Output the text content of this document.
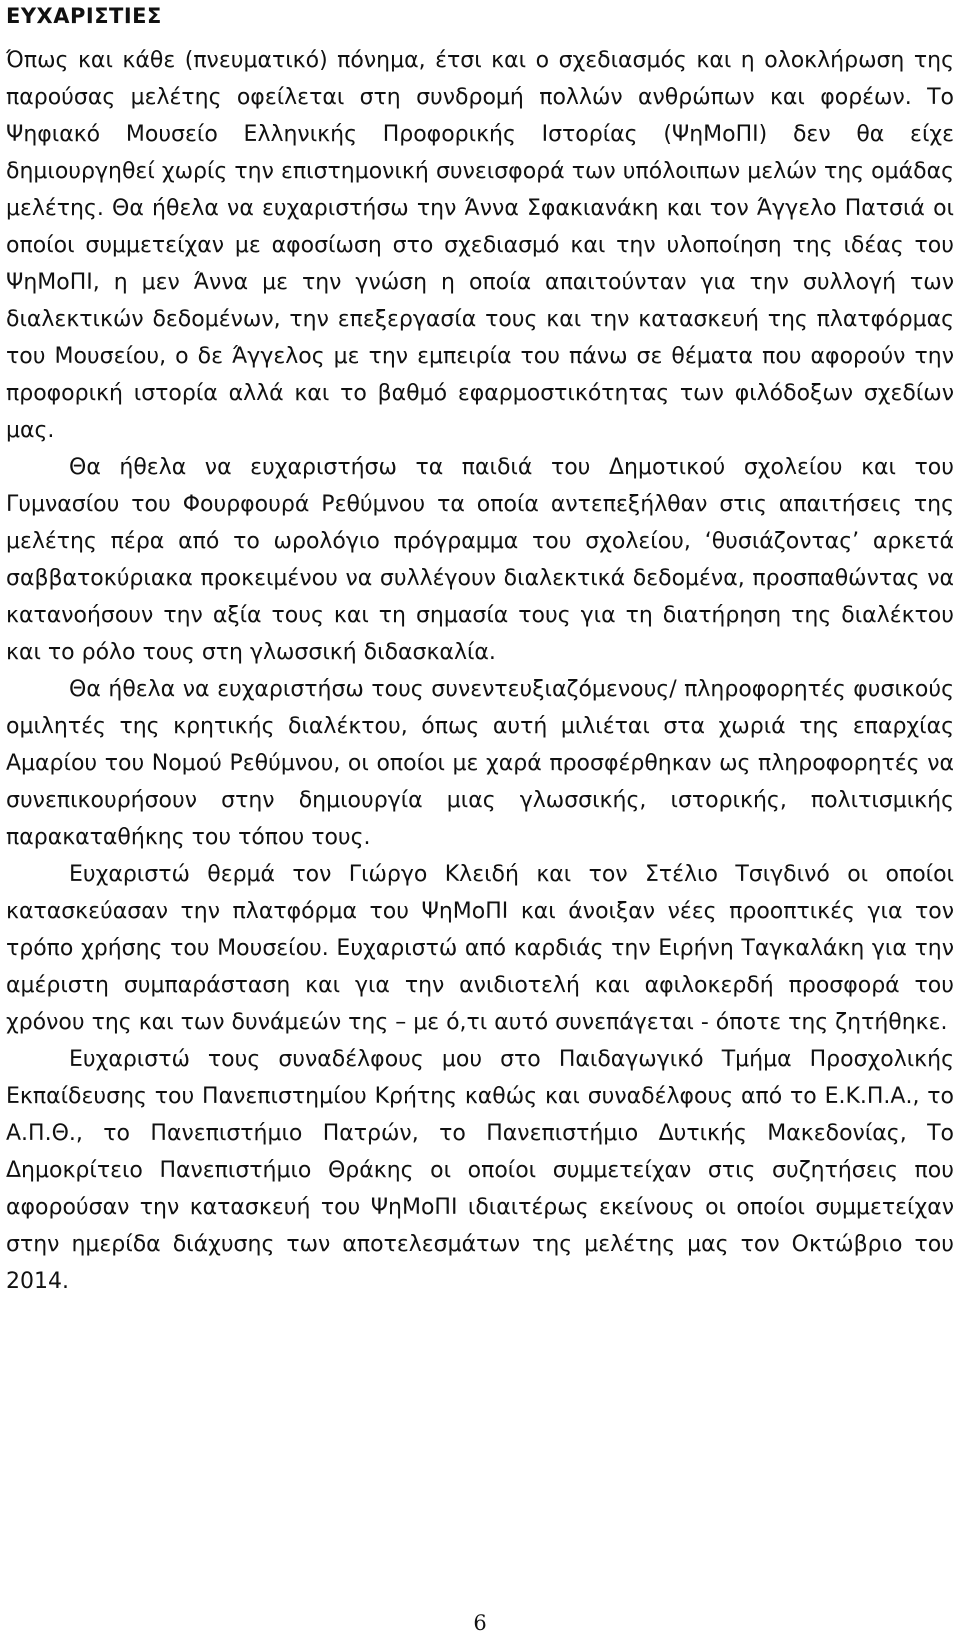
ΕΥΧΑΡΙΣΤΙΕΣ

Όπως και κάθε (πνευματικό) πόνημα, έτσι και ο σχεδιασμός και η ολοκλήρωση της παρούσας μελέτης οφείλεται στη συνδρομή πολλών ανθρώπων και φορέων. Το Ψηφιακό Μουσείο Ελληνικής Προφορικής Ιστορίας (ΨηΜοΠΙ) δεν θα είχε δημιουργηθεί χωρίς την επιστημονική συνεισφορά των υπόλοιπων μελών της ομάδας μελέτης. Θα ήθελα να ευχαριστήσω την Άννα Σφακιανάκη και τον Άγγελο Πατσιά οι οποίοι συμμετείχαν με αφοσίωση στο σχεδιασμό και την υλοποίηση της ιδέας του ΨηΜοΠΙ, η μεν Άννα με την γνώση η οποία απαιτούνταν για την συλλογή των διαλεκτικών δεδομένων, την επεξεργασία τους και την κατασκευή της πλατφόρμας του Μουσείου, ο δε Άγγελος με την εμπειρία του πάνω σε θέματα που αφορούν την προφορική ιστορία αλλά και το βαθμό εφαρμοστικότητας των φιλόδοξων σχεδίων μας.

Θα ήθελα να ευχαριστήσω τα παιδιά του Δημοτικού σχολείου και του Γυμνασίου του Φουρφουρά Ρεθύμνου τα οποία αντεπεξήλθαν στις απαιτήσεις της μελέτης πέρα από το ωρολόγιο πρόγραμμα του σχολείου, ‘θυσιάζοντας’ αρκετά σαββατοκύριακα προκειμένου να συλλέγουν διαλεκτικά δεδομένα, προσπαθώντας να κατανοήσουν την αξία τους και τη σημασία τους για τη διατήρηση της διαλέκτου και το ρόλο τους στη γλωσσική διδασκαλία.

Θα ήθελα να ευχαριστήσω τους συνεντευξιαζόμενους/ πληροφορητές φυσικούς ομιλητές της κρητικής διαλέκτου, όπως αυτή μιλιέται στα χωριά της επαρχίας Αμαρίου του Νομού Ρεθύμνου, οι οποίοι με χαρά προσφέρθηκαν ως πληροφορητές να συνεπικουρήσουν στην δημιουργία μιας γλωσσικής, ιστορικής, πολιτισμικής παρακαταθήκης του τόπου τους.

Ευχαριστώ θερμά τον Γιώργο Κλειδή και τον Στέλιο Τσιγδινό οι οποίοι κατασκεύασαν την πλατφόρμα του ΨηΜοΠΙ και άνοιξαν νέες προοπτικές για τον τρόπο χρήσης του Μουσείου. Ευχαριστώ από καρδιάς την Ειρήνη Ταγκαλάκη για την αμέριστη συμπαράσταση και για την ανιδιοτελή και αφιλοκερδή προσφορά του χρόνου της και των δυνάμεών της – με ό,τι αυτό συνεπάγεται - όποτε της ζητήθηκε.

Ευχαριστώ τους συναδέλφους μου στο Παιδαγωγικό Τμήμα Προσχολικής Εκπαίδευσης του Πανεπιστημίου Κρήτης καθώς και συναδέλφους από το Ε.Κ.Π.Α., το Α.Π.Θ., το Πανεπιστήμιο Πατρών, το Πανεπιστήμιο Δυτικής Μακεδονίας, Το Δημοκρίτειο Πανεπιστήμιο Θράκης οι οποίοι συμμετείχαν στις συζητήσεις που αφορούσαν την κατασκευή του ΨηΜοΠΙ ιδιαιτέρως εκείνους οι οποίοι συμμετείχαν στην ημερίδα διάχυσης των αποτελεσμάτων της μελέτης μας τον Οκτώβριο του 2014.

6
